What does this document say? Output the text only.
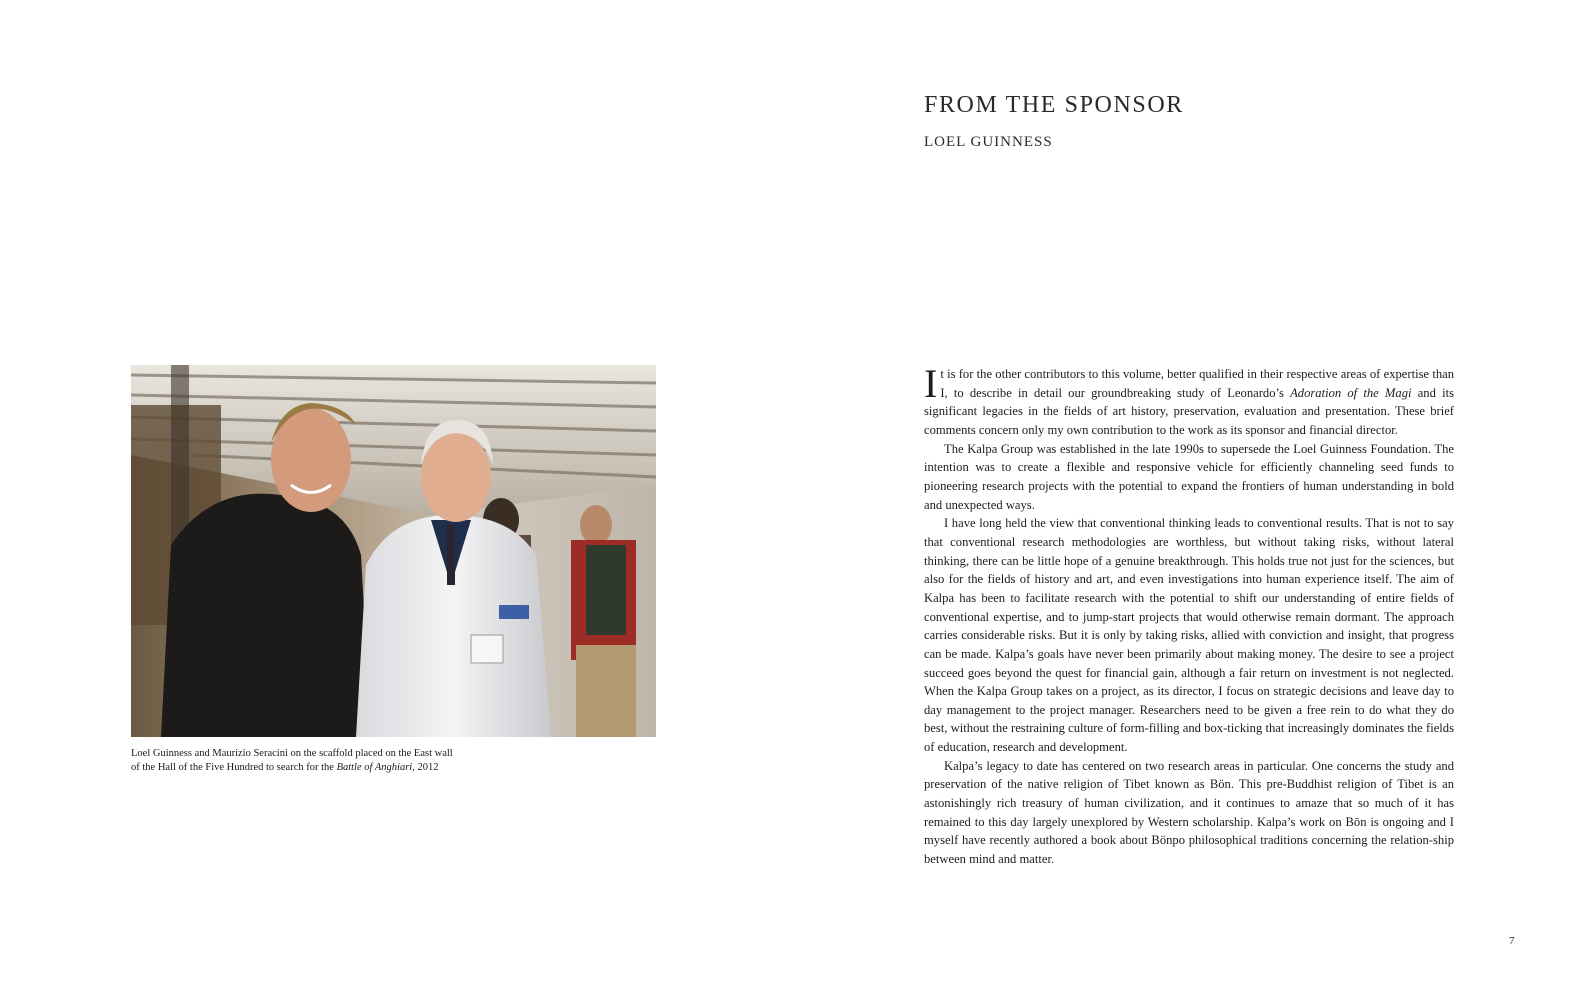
Loel Guinness and Maurizio Seracini on the scaffold placed on the East wall
of the Hall of the Five Hundred to search for the Battle of Anghiari, 2012
FROM THE SPONSOR
LOEL GUINNESS

It is for the other contributors to this volume, better qualified in their respective areas of expertise than I, to describe in detail our groundbreaking study of Leonardo’s Adoration of the Magi and its significant legacies in the fields of art history, preservation, evaluation and presentation. These brief comments concern only my own contribution to the work as its sponsor and financial director.

The Kalpa Group was established in the late 1990s to supersede the Loel Guinness Foundation. The intention was to create a flexible and responsive vehicle for efficiently channeling seed funds to pioneering research projects with the potential to expand the frontiers of human understanding in bold and unexpected ways.

I have long held the view that conventional thinking leads to conventional results. That is not to say that conventional research methodologies are worthless, but without taking risks, without lateral thinking, there can be little hope of a genuine breakthrough. This holds true not just for the sciences, but also for the fields of history and art, and even investigations into human experience itself. The aim of Kalpa has been to facilitate research with the potential to shift our understanding of entire fields of conventional expertise, and to jump-start projects that would otherwise remain dormant. The approach carries considerable risks. But it is only by taking risks, allied with conviction and insight, that progress can be made. Kalpa’s goals have never been primarily about making money. The desire to see a project succeed goes beyond the quest for financial gain, although a fair return on investment is not neglected. When the Kalpa Group takes on a project, as its director, I focus on strategic decisions and leave day to day management to the project manager. Researchers need to be given a free rein to do what they do best, without the restraining culture of form-filling and box-ticking that increasingly dominates the fields of education, research and development.

Kalpa’s legacy to date has centered on two research areas in particular. One concerns the study and preservation of the native religion of Tibet known as Bön. This pre-Buddhist religion of Tibet is an astonishingly rich treasury of human civilization, and it continues to amaze that so much of it has remained to this day largely unexplored by Western scholarship. Kalpa’s work on Bōn is ongoing and I myself have recently authored a book about Bönpo philosophical traditions concerning the relation-ship between mind and matter.

7
